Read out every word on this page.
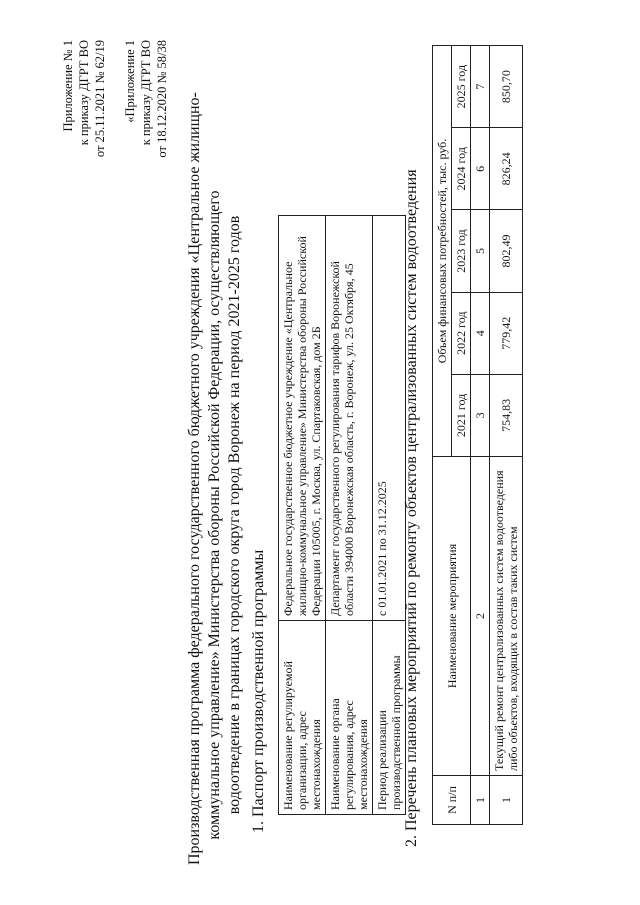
Приложение № 1 к приказу ДГРТ ВО от 25.11.2021 № 62/19 «Приложение 1 к приказу ДГРТ ВО от 18.12.2020 № 58/38 Производственная программа федерального государственного бюджетного учреждения «Центральное жилищно- коммунальное управление» Министерства обороны Российской Федерации, осуществляющего водоотведение в границах городского округа город Воронеж на период 2021-2025 годов 1. Паспорт производственной программы Наименование регулируемой организации, адрес местонахождения	Федеральное государственное бюджетное учреждение «Центральное жилищно-коммунальное управление» Министерства обороны Российской Федерации 105005, г. Москва, ул. Спартаковская, дом 2Б
Наименование органа регулирования, адрес местонахождения	Департамент государственного регулирования тарифов Воронежской области 394000 Воронежская область, г. Воронеж, ул. 25 Октября, 45
Период реализации производственной программы	с 01.01.2021 по 31.12.2025 2. Перечень плановых мероприятий по ремонту объектов централизованных систем водоотведения N п/п	Наименование мероприятия	Объем финансовых потребностей, тыс. руб.				
		2021 год	2022 год	2023 год	2024 год	2025 год
1	2	3	4	5	6	7
1	Текущий ремонт централизованных систем водоотведения либо объектов, входящих в состав таких систем	754,83	779,42	802,49	826,24	850,70
